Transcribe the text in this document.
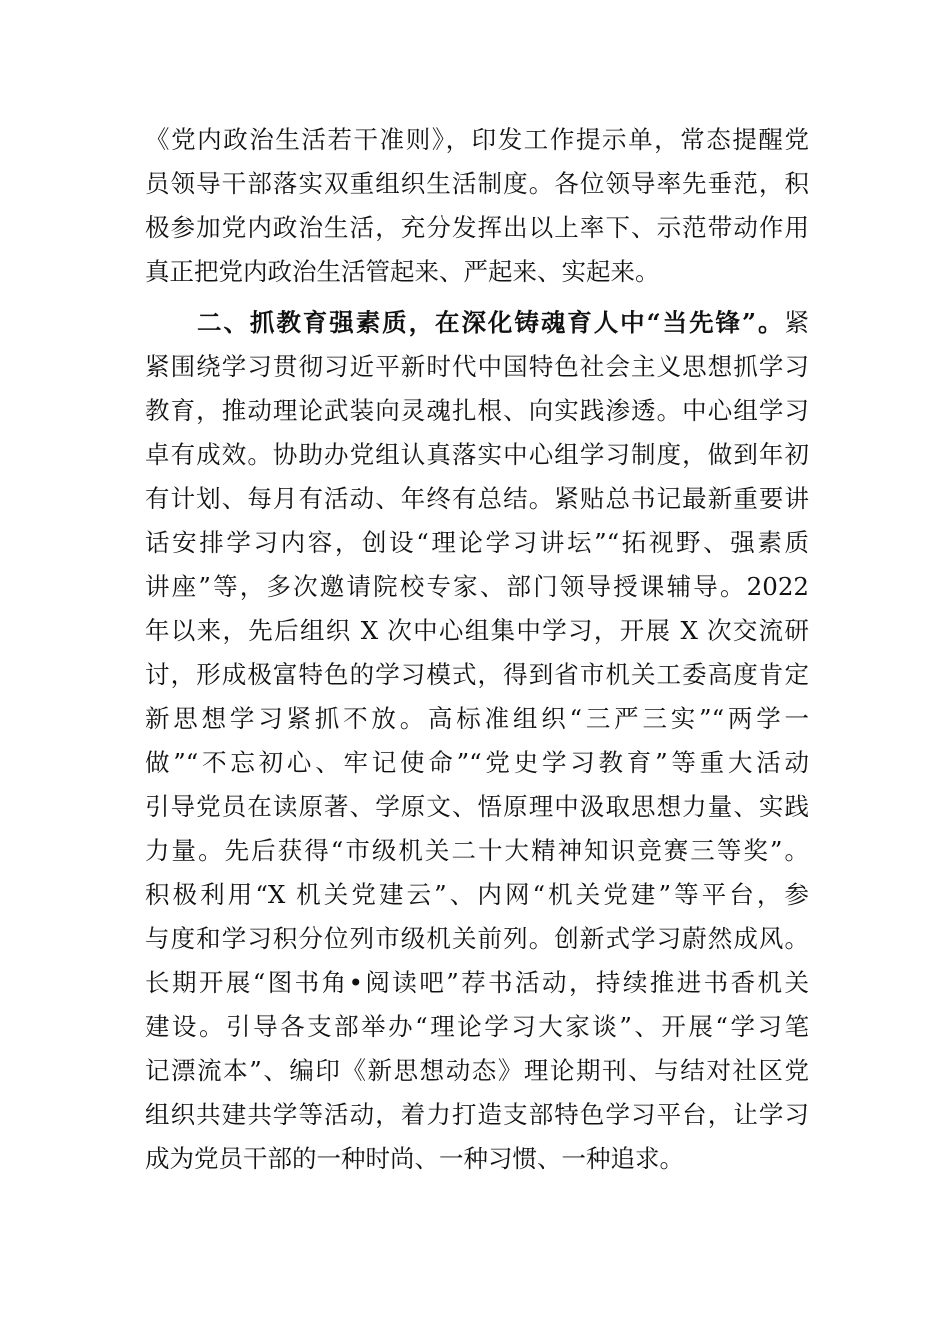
《党内政治生活若干准则》，印发工作提示单，常态提醒党
员领导干部落实双重组织生活制度。各位领导率先垂范，积
极参加党内政治生活，充分发挥出以上率下、示范带动作用
真正把党内政治生活管起来、严起来、实起来。
二、抓教育强素质，在深化铸魂育人中“当先锋”。紧
紧围绕学习贯彻习近平新时代中国特色社会主义思想抓学习
教育，推动理论武装向灵魂扎根、向实践渗透。中心组学习
卓有成效。协助办党组认真落实中心组学习制度，做到年初
有计划、每月有活动、年终有总结。紧贴总书记最新重要讲
话安排学习内容，创设“理论学习讲坛”“拓视野、强素质
讲座”等，多次邀请院校专家、部门领导授课辅导。2022
年以来，先后组织 X 次中心组集中学习，开展 X 次交流研
讨，形成极富特色的学习模式，得到省市机关工委高度肯定
新思想学习紧抓不放。高标准组织“三严三实”“两学一
做”“不忘初心、牢记使命”“党史学习教育”等重大活动
引导党员在读原著、学原文、悟原理中汲取思想力量、实践
力量。先后获得“市级机关二十大精神知识竞赛三等奖”。
积极利用“X 机关党建云”、内网“机关党建”等平台，参
与度和学习积分位列市级机关前列。创新式学习蔚然成风。
长期开展“图书角•阅读吧”荐书活动，持续推进书香机关
建设。引导各支部举办“理论学习大家谈”、开展“学习笔
记漂流本”、编印《新思想动态》理论期刊、与结对社区党
组织共建共学等活动，着力打造支部特色学习平台，让学习
成为党员干部的一种时尚、一种习惯、一种追求。
